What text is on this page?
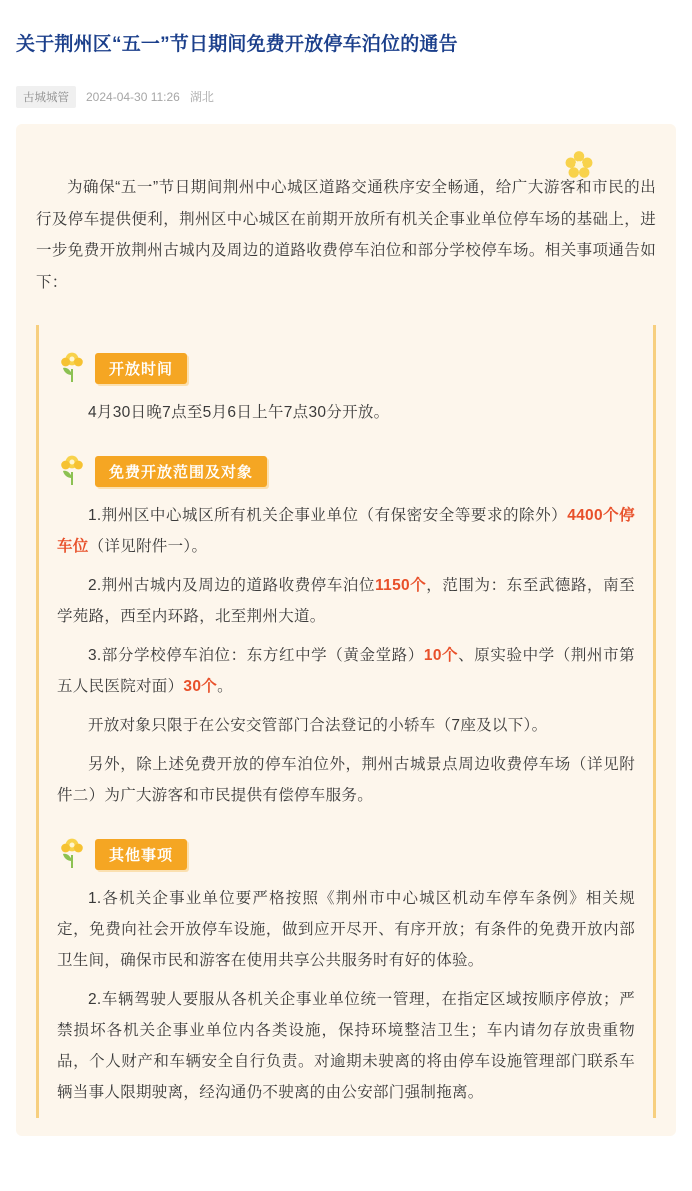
关于荆州区“五一”节日期间免费开放停车泊位的通告
古城城管	2024-04-30 11:26 湖北

为确保“五一”节日期间荆州中心城区道路交通秩序安全畅通，给广大游客和市民的出行及停车提供便利，荆州区中心城区在前期开放所有机关企事业单位停车场的基础上，进一步免费开放荆州古城内及周边的道路收费停车泊位和部分学校停车场。相关事项通告如下：

开放时间

4月30日晚7点至5月6日上午7点30分开放。

免费开放范围及对象

1.荆州区中心城区所有机关企事业单位（有保密安全等要求的除外）4400个停车位（详见附件一）。

2.荆州古城内及周边的道路收费停车泊位1150个，范围为：东至武德路，南至学苑路，西至内环路，北至荆州大道。

3.部分学校停车泊位：东方红中学（黄金堂路）10个、原实验中学（荆州市第五人民医院对面）30个。

开放对象只限于在公安交管部门合法登记的小轿车（7座及以下）。

另外，除上述免费开放的停车泊位外，荆州古城景点周边收费停车场（详见附件二）为广大游客和市民提供有偿停车服务。

其他事项

1.各机关企事业单位要严格按照《荆州市中心城区机动车停车条例》相关规定，免费向社会开放停车设施，做到应开尽开、有序开放；有条件的免费开放内部卫生间，确保市民和游客在使用共享公共服务时有好的体验。

2.车辆驾驶人要服从各机关企事业单位统一管理，在指定区域按顺序停放；严禁损坏各机关企事业单位内各类设施，保持环境整洁卫生；车内请勿存放贵重物品，个人财产和车辆安全自行负责。对逾期未驶离的将由停车设施管理部门联系车辆当事人限期驶离，经沟通仍不驶离的由公安部门强制拖离。
